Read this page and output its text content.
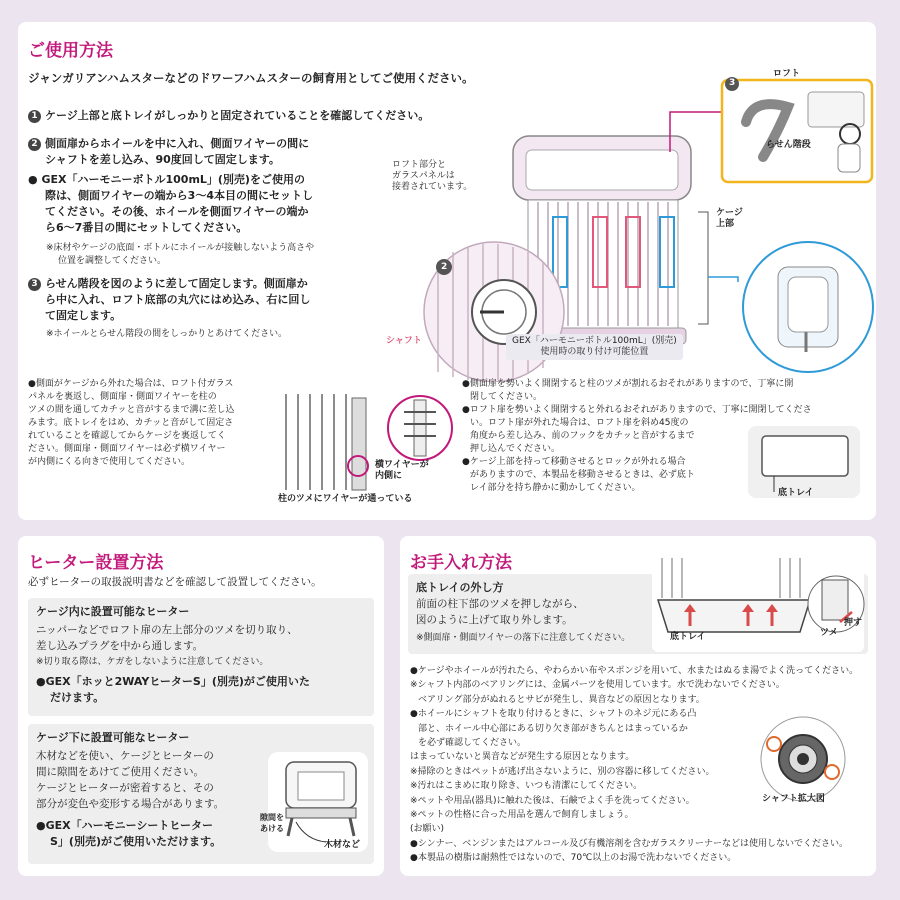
ご使用方法
ジャンガリアンハムスターなどのドワーフハムスターの飼育用としてご使用ください。
1 ケージ上部と底トレイがしっかりと固定されていることを確認してください。
2 側面扉からホイールを中に入れ、側面ワイヤーの間に
シャフトを差し込み、90度回して固定します。
● GEX「ハーモニーボトル100mL」(別売)をご使用の
際は、側面ワイヤーの端から3〜4本目の間にセットし
てください。その後、ホイールを側面ワイヤーの端か
ら6〜7番目の間にセットしてください。
※床材やケージの底面・ボトルにホイールが接触しないよう高さや
位置を調整してください。
3 らせん階段を図のように差して固定します。側面扉か
ら中に入れ、ロフト底部の丸穴にはめ込み、右に回し
て固定します。
※ホイールとらせん階段の間をしっかりとあけてください。
3
ロフト
らせん階段
2
ロフト部分と
ガラスパネルは
接着されています。
ケージ
上部
シャフト	GEX「ハーモニーボトル100mL」(別売)
使用時の取り付け可能位置
●側面がケージから外れた場合は、ロフト付ガラス
パネルを裏返し、側面扉・側面ワイヤーを柱の
ツメの間を通してカチッと音がするまで溝に差し込
みます。底トレイをはめ、カチッと音がして固定さ
れていることを確認してからケージを裏返してく
ださい。側面扉・側面ワイヤーは必ず横ワイヤー
が内側にくる向きで使用してください。	横ワイヤーが
内側に
柱のツメにワイヤーが通っている
●側面扉を勢いよく開閉すると柱のツメが割れるおそれがありますので、丁寧に開
閉してください。
●ロフト扉を勢いよく開閉すると外れるおそれがありますので、丁寧に開閉してくださ
い。ロフト扉が外れた場合は、ロフト扉を斜め45度の
角度から差し込み、前のフックをカチッと音がするまで
押し込んでください。
●ケージ上部を持って移動させるとロックが外れる場合
がありますので、本製品を移動させるときは、必ず底ト
レイ部分を持ち静かに動かしてください。	底トレイ
ヒーター設置方法
必ずヒーターの取扱説明書などを確認して設置してください。
ケージ内に設置可能なヒーター
ニッパーなどでロフト扉の左上部分のツメを切り取り、
差し込みプラグを中から通します。
※切り取る際は、ケガをしないように注意してください。
●GEX「ホッと2WAYヒーターS」(別売)がご使用いた
だけます。
ケージ下に設置可能なヒーター
木材などを使い、ケージとヒーターの
間に隙間をあけてご使用ください。
ケージとヒーターが密着すると、その
部分が変色や変形する場合があります。
●GEX「ハーモニーシートヒーター
S」(別売)がご使用いただけます。
隙間を
あける
木材など
お手入れ方法
底トレイの外し方
前面の柱下部のツメを押しながら、
図のように上げて取り外します。
※側面扉・側面ワイヤーの落下に注意してください。	底トレイ	ツメ
押す
●ケージやホイールが汚れたら、やわらかい布やスポンジを用いて、水またはぬるま湯でよく洗ってください。
※シャフト内部のベアリングには、金属パーツを使用しています。水で洗わないでください。
ベアリング部分がぬれるとサビが発生し、異音などの原因となります。
●ホイールにシャフトを取り付けるときに、シャフトのネジ元にある凸
部と、ホイール中心部にある切り欠き部がきちんとはまっているか
を必ず確認してください。
はまっていないと異音などが発生する原因となります。
※掃除のときはペットが逃げ出さないように、別の容器に移してください。
※汚れはこまめに取り除き、いつも清潔にしてください。
※ペットや用品(器具)に触れた後は、石鹸でよく手を洗ってください。
※ペットの性格に合った用品を選んで飼育しましょう。
(お願い)
●シンナー、ベンジンまたはアルコール及び有機溶剤を含むガラスクリーナーなどは使用しないでください。
●本製品の樹脂は耐熱性ではないので、70℃以上のお湯で洗わないでください。
シャフト拡大図
